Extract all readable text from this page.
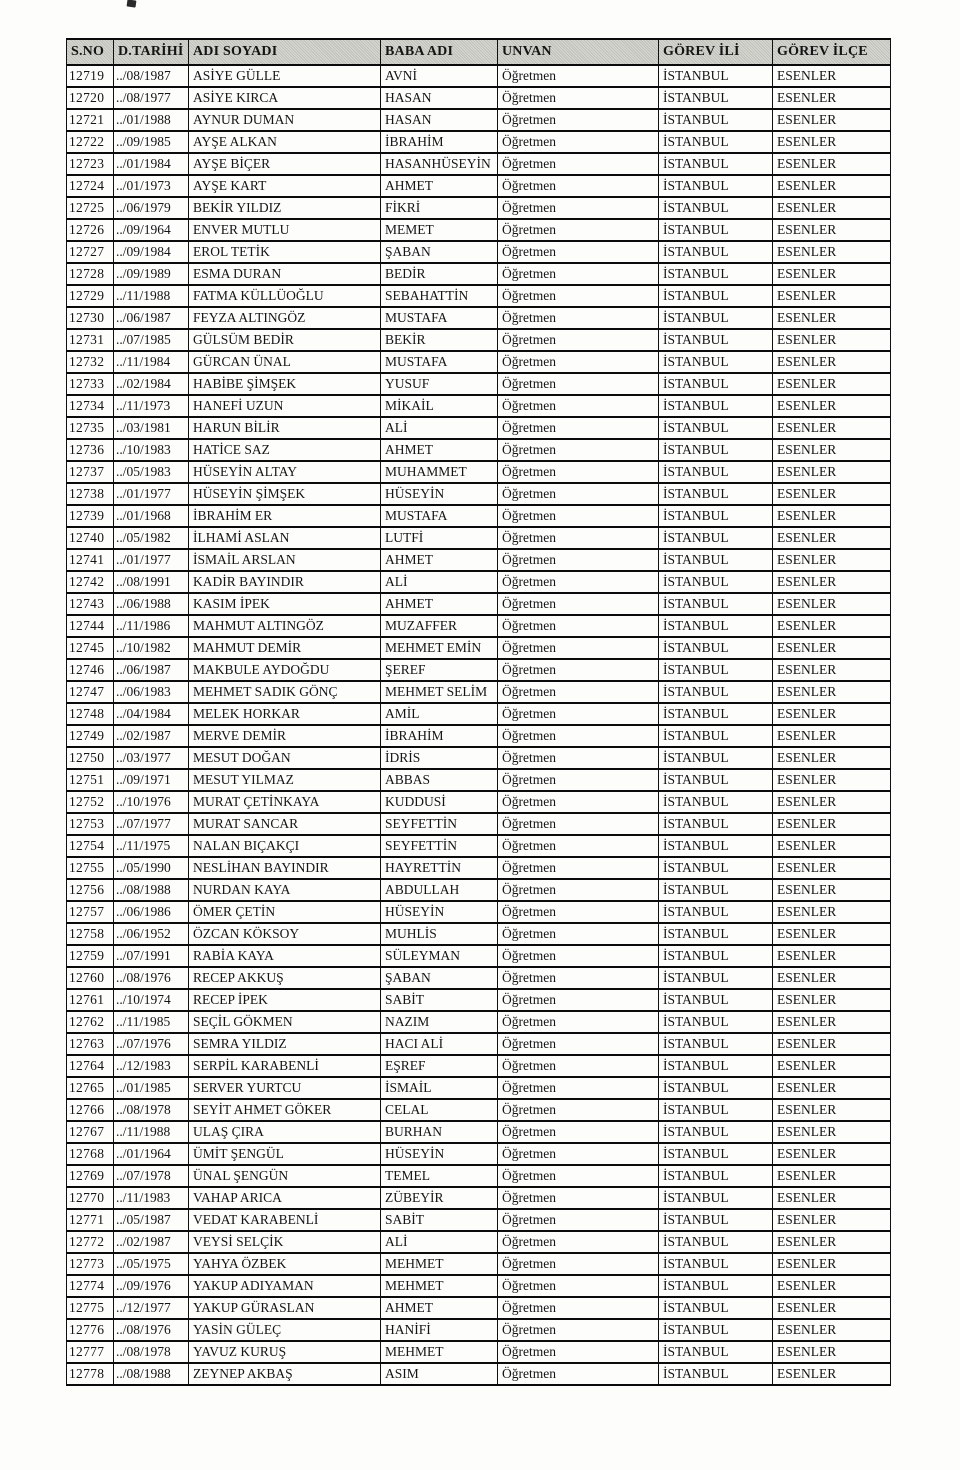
S.NO	D.TARİHİ	ADI SOYADI	BABA ADI	UNVAN	GÖREV İLİ	GÖREV İLÇE
12719	../08/1987	ASİYE GÜLLE	AVNİ	Öğretmen	İSTANBUL	ESENLER
12720	../08/1977	ASİYE KIRCA	HASAN	Öğretmen	İSTANBUL	ESENLER
12721	../01/1988	AYNUR DUMAN	HASAN	Öğretmen	İSTANBUL	ESENLER
12722	../09/1985	AYŞE ALKAN	İBRAHİM	Öğretmen	İSTANBUL	ESENLER
12723	../01/1984	AYŞE BİÇER	HASANHÜSEYİN	Öğretmen	İSTANBUL	ESENLER
12724	../01/1973	AYŞE KART	AHMET	Öğretmen	İSTANBUL	ESENLER
12725	../06/1979	BEKİR YILDIZ	FİKRİ	Öğretmen	İSTANBUL	ESENLER
12726	../09/1964	ENVER MUTLU	MEMET	Öğretmen	İSTANBUL	ESENLER
12727	../09/1984	EROL TETİK	ŞABAN	Öğretmen	İSTANBUL	ESENLER
12728	../09/1989	ESMA DURAN	BEDİR	Öğretmen	İSTANBUL	ESENLER
12729	../11/1988	FATMA KÜLLÜOĞLU	SEBAHATTİN	Öğretmen	İSTANBUL	ESENLER
12730	../06/1987	FEYZA ALTINGÖZ	MUSTAFA	Öğretmen	İSTANBUL	ESENLER
12731	../07/1985	GÜLSÜM BEDİR	BEKİR	Öğretmen	İSTANBUL	ESENLER
12732	../11/1984	GÜRCAN ÜNAL	MUSTAFA	Öğretmen	İSTANBUL	ESENLER
12733	../02/1984	HABİBE ŞİMŞEK	YUSUF	Öğretmen	İSTANBUL	ESENLER
12734	../11/1973	HANEFİ UZUN	MİKAİL	Öğretmen	İSTANBUL	ESENLER
12735	../03/1981	HARUN BİLİR	ALİ	Öğretmen	İSTANBUL	ESENLER
12736	../10/1983	HATİCE SAZ	AHMET	Öğretmen	İSTANBUL	ESENLER
12737	../05/1983	HÜSEYİN ALTAY	MUHAMMET	Öğretmen	İSTANBUL	ESENLER
12738	../01/1977	HÜSEYİN ŞİMŞEK	HÜSEYİN	Öğretmen	İSTANBUL	ESENLER
12739	../01/1968	İBRAHİM ER	MUSTAFA	Öğretmen	İSTANBUL	ESENLER
12740	../05/1982	İLHAMİ ASLAN	LUTFİ	Öğretmen	İSTANBUL	ESENLER
12741	../01/1977	İSMAİL ARSLAN	AHMET	Öğretmen	İSTANBUL	ESENLER
12742	../08/1991	KADİR BAYINDIR	ALİ	Öğretmen	İSTANBUL	ESENLER
12743	../06/1988	KASIM İPEK	AHMET	Öğretmen	İSTANBUL	ESENLER
12744	../11/1986	MAHMUT ALTINGÖZ	MUZAFFER	Öğretmen	İSTANBUL	ESENLER
12745	../10/1982	MAHMUT DEMİR	MEHMET EMİN	Öğretmen	İSTANBUL	ESENLER
12746	../06/1987	MAKBULE AYDOĞDU	ŞEREF	Öğretmen	İSTANBUL	ESENLER
12747	../06/1983	MEHMET SADIK GÖNÇ	MEHMET SELİM	Öğretmen	İSTANBUL	ESENLER
12748	../04/1984	MELEK HORKAR	AMİL	Öğretmen	İSTANBUL	ESENLER
12749	../02/1987	MERVE DEMİR	İBRAHİM	Öğretmen	İSTANBUL	ESENLER
12750	../03/1977	MESUT DOĞAN	İDRİS	Öğretmen	İSTANBUL	ESENLER
12751	../09/1971	MESUT YILMAZ	ABBAS	Öğretmen	İSTANBUL	ESENLER
12752	../10/1976	MURAT ÇETİNKAYA	KUDDUSİ	Öğretmen	İSTANBUL	ESENLER
12753	../07/1977	MURAT SANCAR	SEYFETTİN	Öğretmen	İSTANBUL	ESENLER
12754	../11/1975	NALAN BIÇAKÇI	SEYFETTİN	Öğretmen	İSTANBUL	ESENLER
12755	../05/1990	NESLİHAN BAYINDIR	HAYRETTİN	Öğretmen	İSTANBUL	ESENLER
12756	../08/1988	NURDAN KAYA	ABDULLAH	Öğretmen	İSTANBUL	ESENLER
12757	../06/1986	ÖMER ÇETİN	HÜSEYİN	Öğretmen	İSTANBUL	ESENLER
12758	../06/1952	ÖZCAN KÖKSOY	MUHLİS	Öğretmen	İSTANBUL	ESENLER
12759	../07/1991	RABİA KAYA	SÜLEYMAN	Öğretmen	İSTANBUL	ESENLER
12760	../08/1976	RECEP AKKUŞ	ŞABAN	Öğretmen	İSTANBUL	ESENLER
12761	../10/1974	RECEP İPEK	SABİT	Öğretmen	İSTANBUL	ESENLER
12762	../11/1985	SEÇİL GÖKMEN	NAZIM	Öğretmen	İSTANBUL	ESENLER
12763	../07/1976	SEMRA YILDIZ	HACI ALİ	Öğretmen	İSTANBUL	ESENLER
12764	../12/1983	SERPİL KARABENLİ	EŞREF	Öğretmen	İSTANBUL	ESENLER
12765	../01/1985	SERVER YURTCU	İSMAİL	Öğretmen	İSTANBUL	ESENLER
12766	../08/1978	SEYİT AHMET GÖKER	CELAL	Öğretmen	İSTANBUL	ESENLER
12767	../11/1988	ULAŞ ÇIRA	BURHAN	Öğretmen	İSTANBUL	ESENLER
12768	../01/1964	ÜMİT ŞENGÜL	HÜSEYİN	Öğretmen	İSTANBUL	ESENLER
12769	../07/1978	ÜNAL ŞENGÜN	TEMEL	Öğretmen	İSTANBUL	ESENLER
12770	../11/1983	VAHAP ARICA	ZÜBEYİR	Öğretmen	İSTANBUL	ESENLER
12771	../05/1987	VEDAT KARABENLİ	SABİT	Öğretmen	İSTANBUL	ESENLER
12772	../02/1987	VEYSİ SELÇİK	ALİ	Öğretmen	İSTANBUL	ESENLER
12773	../05/1975	YAHYA ÖZBEK	MEHMET	Öğretmen	İSTANBUL	ESENLER
12774	../09/1976	YAKUP ADIYAMAN	MEHMET	Öğretmen	İSTANBUL	ESENLER
12775	../12/1977	YAKUP GÜRASLAN	AHMET	Öğretmen	İSTANBUL	ESENLER
12776	../08/1976	YASİN GÜLEÇ	HANİFİ	Öğretmen	İSTANBUL	ESENLER
12777	../08/1978	YAVUZ KURUŞ	MEHMET	Öğretmen	İSTANBUL	ESENLER
12778	../08/1988	ZEYNEP AKBAŞ	ASIM	Öğretmen	İSTANBUL	ESENLER
